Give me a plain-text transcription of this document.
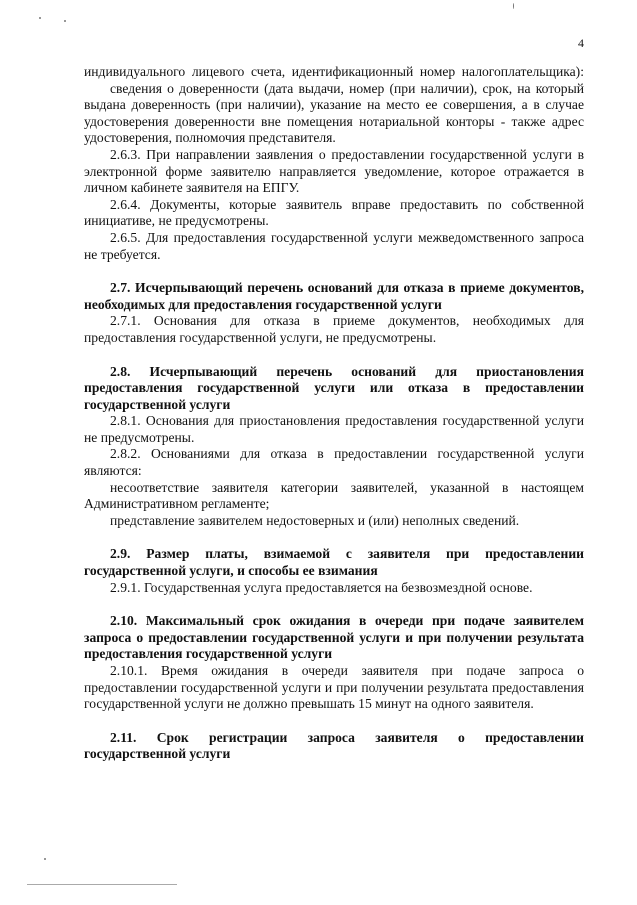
4

индивидуального лицевого счета, идентификационный номер налогоплательщика):

сведения о доверенности (дата выдачи, номер (при наличии), срок, на который выдана доверенность (при наличии), указание на место ее совершения, а в случае удостоверения доверенности вне помещения нотариальной конторы - также адрес удостоверения, полномочия представителя.

2.6.3. При направлении заявления о предоставлении государственной услуги в электронной форме заявителю направляется уведомление, которое отражается в личном кабинете заявителя на ЕПГУ.

2.6.4. Документы, которые заявитель вправе предоставить по собственной инициативе, не предусмотрены.

2.6.5. Для предоставления государственной услуги межведомственного запроса не требуется.

2.7. Исчерпывающий перечень оснований для отказа в приеме документов, необходимых для предоставления государственной услуги

2.7.1. Основания для отказа в приеме документов, необходимых для предоставления государственной услуги, не предусмотрены.

2.8. Исчерпывающий перечень оснований для приостановления предоставления государственной услуги или отказа в предоставлении государственной услуги

2.8.1. Основания для приостановления предоставления государственной услуги не предусмотрены.

2.8.2. Основаниями для отказа в предоставлении государственной услуги являются:

несоответствие заявителя категории заявителей, указанной в настоящем Административном регламенте;

представление заявителем недостоверных и (или) неполных сведений.

2.9. Размер платы, взимаемой с заявителя при предоставлении государственной услуги, и способы ее взимания

2.9.1. Государственная услуга предоставляется на безвозмездной основе.

2.10. Максимальный срок ожидания в очереди при подаче заявителем запроса о предоставлении государственной услуги и при получении результата предоставления государственной услуги

2.10.1. Время ожидания в очереди заявителя при подаче запроса о предоставлении государственной услуги и при получении результата предоставления государственной услуги не должно превышать 15 минут на одного заявителя.

2.11. Срок регистрации запроса заявителя о предоставлении государственной услуги
